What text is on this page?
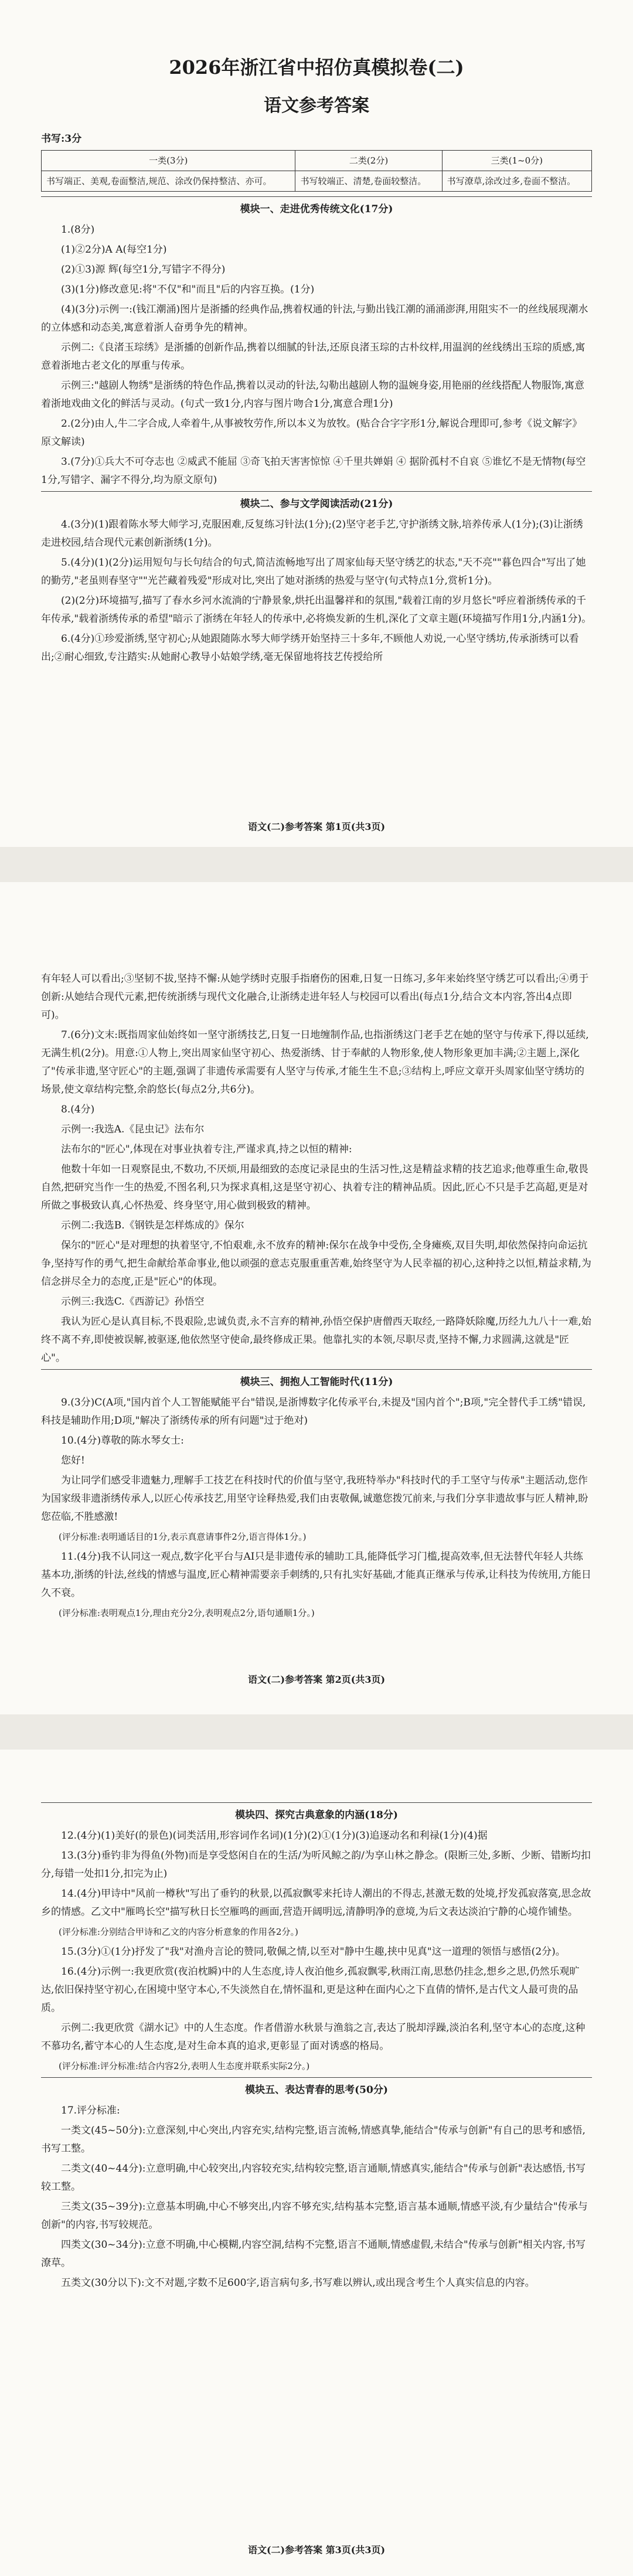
2026年浙江省中招仿真模拟卷(二)

语文参考答案

书写:3分

一类(3分)	二类(2分)	三类(1~0分)
书写端正、美观,卷面整洁,规范、涂改仍保持整洁、亦可。	书写较端正、清楚,卷面较整洁。	书写潦草,涂改过多,卷面不整洁。

模块一、走进优秀传统文化(17分)

1.(8分)

(1)②2分)A A(每空1分)

(2)①3)源 辉(每空1分,写错字不得分)

(3)(1分)修改意见:将"不仅"和"而且"后的内容互换。(1分)

(4)(3分)示例一:(钱江潮涌)图片是浙播的经典作品,携着权通的针法,与勤出钱江潮的涌涌澎湃,用阻实不一的丝线展现潮水的立体感和动态美,寓意着浙人奋勇争先的精神。

示例二:《良渚玉琮绣》是浙播的创新作品,携着以细腻的针法,还原良渚玉琮的古朴纹样,用温润的丝线绣出玉琮的质感,寓意着浙地古老文化的厚重与传承。

示例三:"越剧人物绣"是浙绣的特色作品,携着以灵动的针法,勾勒出越剧人物的温婉身姿,用艳丽的丝线搭配人物服饰,寓意着浙地戏曲文化的鲜活与灵动。(句式一致1分,内容与图片吻合1分,寓意合理1分)

2.(2分)由人,牛二字合成,人牵着牛,从事被牧劳作,所以本义为放牧。(贴合合字字形1分,解说合理即可,参考《说文解字》原文解读)

3.(7分)①兵大不可夺志也 ②威武不能屈 ③奇飞拍天害害惊惊 ④千里共婵娟 ④ 据阶孤村不自哀 ⑤谁忆不是无情物(每空1分,写错字、漏字不得分,均为原文原句)

模块二、参与文学阅读活动(21分)

4.(3分)(1)跟着陈水琴大师学习,克服困难,反复练习针法(1分);(2)坚守老手艺,守护浙绣文脉,培养传承人(1分);(3)让浙绣走进校园,结合现代元素创新浙绣(1分)。

5.(4分)(1)(2分)运用短句与长句结合的句式,简洁流畅地写出了周家仙每天坚守绣艺的状态,"天不亮""暮色四合"写出了她的勤劳,"老虽则春坚守""光芒藏着残爱"形成对比,突出了她对浙绣的热爱与坚守(句式特点1分,赏析1分)。

(2)(2分)环境描写,描写了春水乡河水流淌的宁静景象,烘托出温馨祥和的氛围,"载着江南的岁月悠长"呼应着浙绣传承的千年传承,"载着浙绣传承的希望"暗示了浙绣在年轻人的传承中,必将焕发新的生机,深化了文章主题(环境描写作用1分,内涵1分)。

6.(4分)①珍爱浙绣,坚守初心;从她跟随陈水琴大师学绣开始坚持三十多年,不顾他人劝说,一心坚守绣坊,传承浙绣可以看出;②耐心细致,专注踏实:从她耐心教导小姑娘学绣,毫无保留地将技艺传授给所

语文(二)参考答案 第1页(共3页)

有年轻人可以看出;③坚韧不拔,坚持不懈:从她学绣时克服手指磨伤的困难,日复一日练习,多年来始终坚守绣艺可以看出;④勇于创新:从她结合现代元素,把传统浙绣与现代文化融合,让浙绣走进年轻人与校园可以看出(每点1分,结合文本内容,答出4点即可)。

7.(6分)文末:既指周家仙始终如一坚守浙绣技艺,日复一日地缠制作品,也指浙绣这门老手艺在她的坚守与传承下,得以延续,无满生机(2分)。用意:①人物上,突出周家仙坚守初心、热爱浙绣、甘于奉献的人物形象,使人物形象更加丰满;②主题上,深化了"传承非遗,坚守匠心"的主题,强调了非遗传承需要有人坚守与传承,才能生生不息;③结构上,呼应文章开头周家仙坚守绣坊的场景,使文章结构完整,余韵悠长(每点2分,共6分)。

8.(4分)

示例一:我选A.《昆虫记》法布尔

法布尔的"匠心",体现在对事业执着专注,严谨求真,持之以恒的精神:

他数十年如一日观察昆虫,不数功,不厌烦,用最细致的态度记录昆虫的生活习性,这是精益求精的技艺追求;他尊重生命,敬畏自然,把研究当作一生的热爱,不图名利,只为探求真相,这是坚守初心、执着专注的精神品质。因此,匠心不只是手艺高超,更是对所做之事极致认真,心怀热爱、终身坚守,用心做到极致的精神。

示例二:我选B.《钢铁是怎样炼成的》保尔

保尔的"匠心"是对理想的执着坚守,不怕艰难,永不放弃的精神:保尔在战争中受伤,全身瘫痪,双目失明,却依然保持向命运抗争,坚持写作的勇气,把生命献给革命事业,他以顽强的意志克服重重苦难,始终坚守为人民幸福的初心,这种持之以恒,精益求精,为信念拼尽全力的态度,正是"匠心"的体现。

示例三:我选C.《西游记》孙悟空

我认为匠心是认真目标,不畏艰险,忠诚负责,永不言弃的精神,孙悟空保护唐僧西天取经,一路降妖除魔,历经九九八十一难,始终不离不弃,即使被误解,被驱逐,他依然坚守使命,最终修成正果。他靠扎实的本领,尽职尽责,坚持不懈,力求圆满,这就是"匠心"。

模块三、拥抱人工智能时代(11分)

9.(3分)C(A项,"国内首个人工智能赋能平台"错误,是浙博数字化传承平台,未提及"国内首个";B项,"完全替代手工绣"错误,科技是辅助作用;D项,"解决了浙绣传承的所有问题"过于绝对)

10.(4分)尊敬的陈水琴女士:

您好!

为让同学们感受非遗魅力,理解手工技艺在科技时代的价值与坚守,我班特举办"科技时代的手工坚守与传承"主题活动,您作为国家级非遗浙绣传承人,以匠心传承技艺,用坚守诠释热爱,我们由衷敬佩,诚邀您拨冗前来,与我们分享非遗故事与匠人精神,盼您莅临,不胜感激!

(评分标准:表明通话目的1分,表示真意请事件2分,语言得体1分。)

11.(4分)我不认同这一观点,数字化平台与AI只是非遗传承的辅助工具,能降低学习门槛,提高效率,但无法替代年轻人共练基本功,浙绣的针法,丝线的情感与温度,匠心精神需要亲手刺绣的,只有扎实好基础,才能真正继承与传承,让科技为传统用,方能日久不衰。

(评分标准:表明观点1分,理由充分2分,表明观点2分,语句通顺1分。)

语文(二)参考答案 第2页(共3页)

模块四、探究古典意象的内涵(18分)

12.(4分)(1)美好(的景色)(词类活用,形容词作名词)(1分)(2)①(1分)(3)追逐动名和利禄(1分)(4)据

13.(3分)垂钓非为得鱼(外物)而是享受悠闲自在的生活/为听风鲸之韵/为享山林之静念。(限断三处,多断、少断、错断均扣分,每错一处扣1分,扣完为止)

14.(4分)甲诗中"风前一樽秋"写出了垂钓的秋景,以孤寂飘零来托诗人潮出的不得志,甚激无数的处境,抒发孤寂落寞,思念故乡的情感。乙文中"雁鸣长空"描写秋日长空雁鸣的画面,营造开阔明远,清静明净的意境,为后文表达淡泊宁静的心境作铺垫。

(评分标准:分别结合甲诗和乙文的内容分析意象的作用各2分。)

15.(3分)①(1分)抒发了"我"对渔舟言论的赞同,敬佩之情,以至对"静中生趣,挟中见真"这一道理的领悟与感悟(2分)。

16.(4分)示例一:我更欣赏(夜泊枕瞬)中的人生态度,诗人夜泊他乡,孤寂飘零,秋雨江南,思愁仍挂念,想乡之思,仍然乐观旷达,依旧保持坚守初心,在困境中坚守本心,不失淡然自在,情怀温和,更是这种在面内心之下直倩的情怀,是古代文人最可贵的品质。

示例二:我更欣赏《湖水记》中的人生态度。作者借游水秋景与渔翁之言,表达了脱却浮躁,淡泊名利,坚守本心的态度,这种不慕功名,蓄守本心的人生态度,是对生命本真的追求,更彰显了面对诱惑的格局。

(评分标准:评分标准:结合内容2分,表明人生态度并联系实际2分。)

模块五、表达青春的思考(50分)

17.评分标准:

一类文(45~50分):立意深刻,中心突出,内容充实,结构完整,语言流畅,情感真挚,能结合"传承与创新"有自己的思考和感悟,书写工整。

二类文(40~44分):立意明确,中心较突出,内容较充实,结构较完整,语言通顺,情感真实,能结合"传承与创新"表达感悟,书写较工整。

三类文(35~39分):立意基本明确,中心不够突出,内容不够充实,结构基本完整,语言基本通顺,情感平淡,有少量结合"传承与创新"的内容,书写较规范。

四类文(30~34分):立意不明确,中心模糊,内容空洞,结构不完整,语言不通顺,情感虚假,未结合"传承与创新"相关内容,书写潦草。

五类文(30分以下):文不对题,字数不足600字,语言病句多,书写难以辨认,或出现含考生个人真实信息的内容。

语文(二)参考答案 第3页(共3页)
